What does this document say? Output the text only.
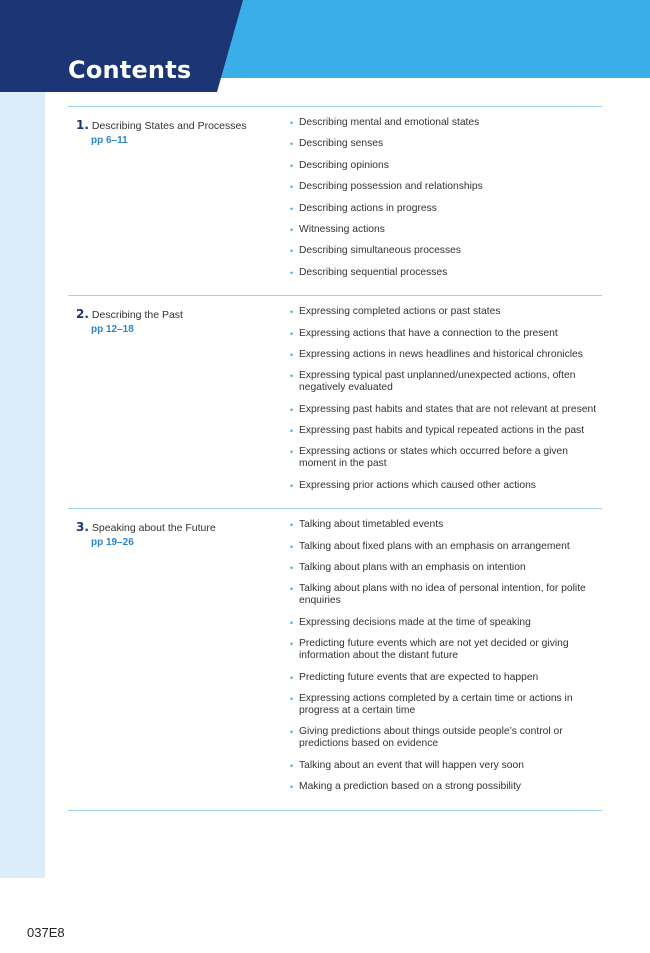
Contents
1. Describing States and Processes
pp 6–11
• Describing mental and emotional states
• Describing senses
• Describing opinions
• Describing possession and relationships
• Describing actions in progress
• Witnessing actions
• Describing simultaneous processes
• Describing sequential processes
2. Describing the Past
pp 12–18
• Expressing completed actions or past states
• Expressing actions that have a connection to the present
• Expressing actions in news headlines and historical chronicles
• Expressing typical past unplanned/unexpected actions, often negatively evaluated
• Expressing past habits and states that are not relevant at present
• Expressing past habits and typical repeated actions in the past
• Expressing actions or states which occurred before a given moment in the past
• Expressing prior actions which caused other actions
3. Speaking about the Future
pp 19–26
• Talking about timetabled events
• Talking about fixed plans with an emphasis on arrangement
• Talking about plans with an emphasis on intention
• Talking about plans with no idea of personal intention, for polite enquiries
• Expressing decisions made at the time of speaking
• Predicting future events which are not yet decided or giving information about the distant future
• Predicting future events that are expected to happen
• Expressing actions completed by a certain time or actions in progress at a certain time
• Giving predictions about things outside people’s control or predictions based on evidence
• Talking about an event that will happen very soon
• Making a prediction based on a strong possibility
037E8
